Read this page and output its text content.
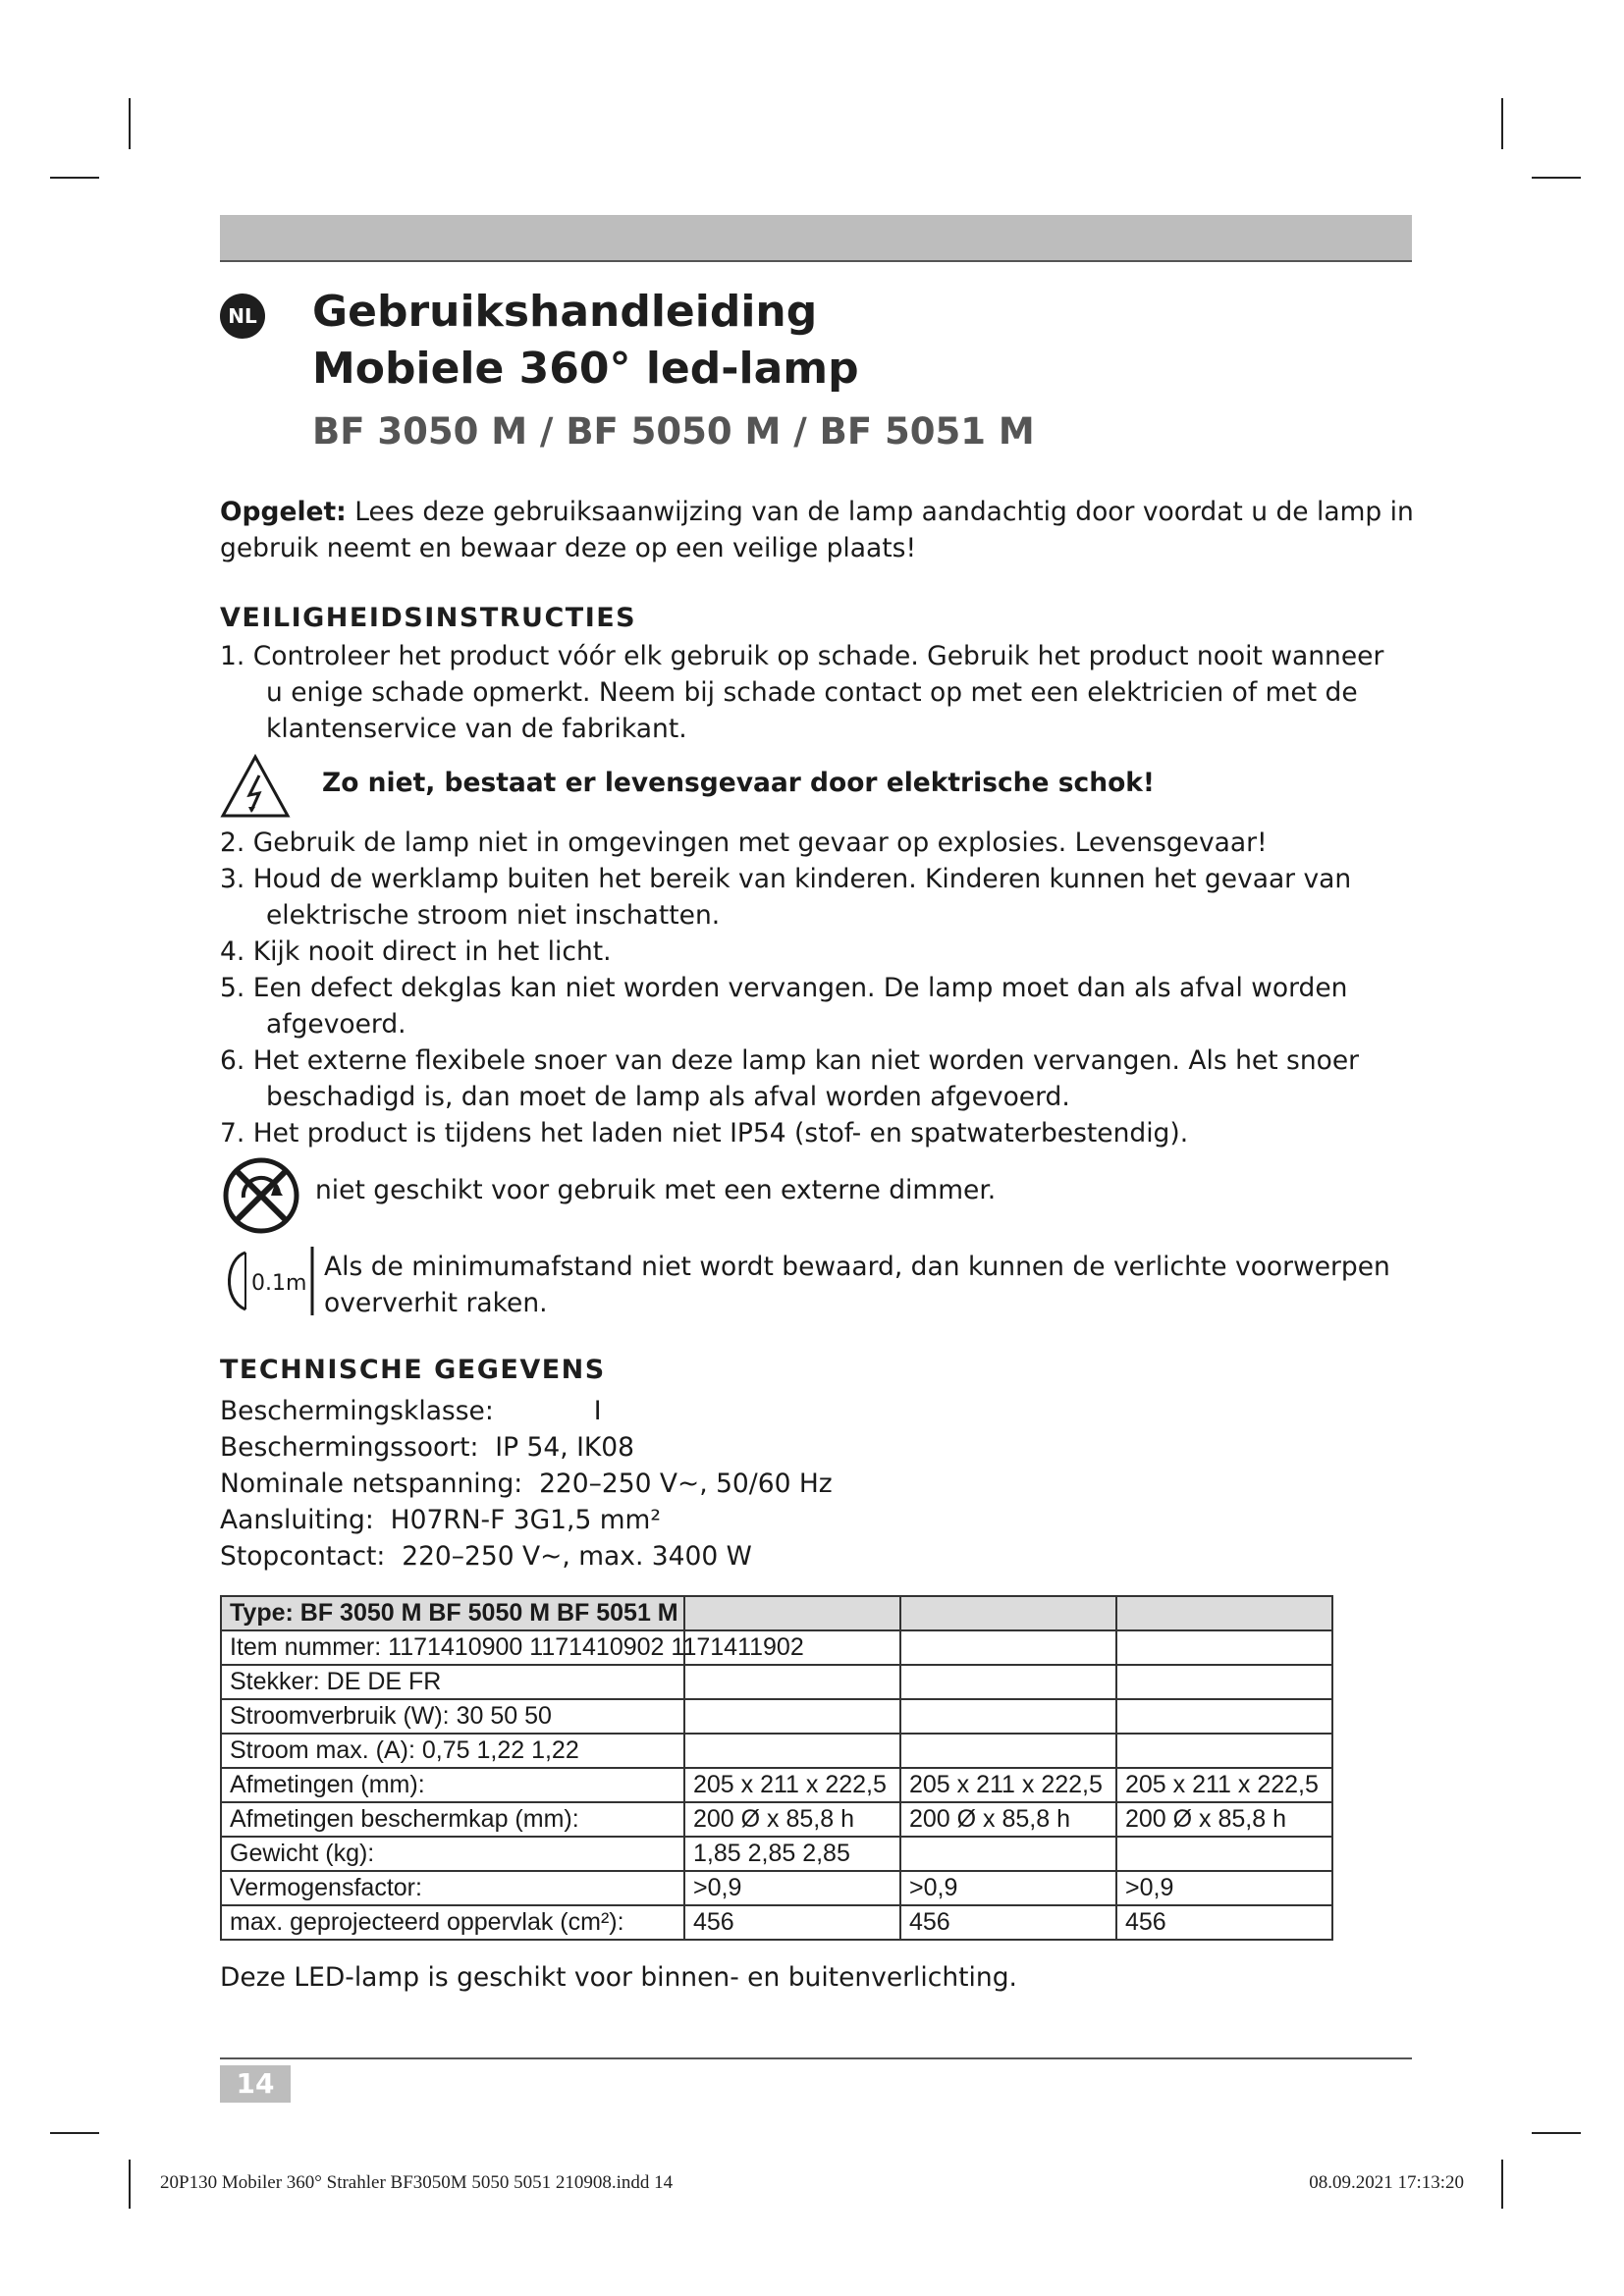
NL Gebruikshandleiding
Mobiele 360° led-lamp
BF 3050 M / BF 5050 M / BF 5051 M
Opgelet: Lees deze gebruiksaanwijzing van de lamp aandachtig door voordat u de lamp in
gebruik neemt en bewaar deze op een veilige plaats!
VEILIGHEIDSINSTRUCTIES
1. Controleer het product vóór elk gebruik op schade. Gebruik het product nooit wanneer
u enige schade opmerkt. Neem bij schade contact op met een elektricien of met de
klantenservice van de fabrikant.
Zo niet, bestaat er levensgevaar door elektrische schok!
2. Gebruik de lamp niet in omgevingen met gevaar op explosies. Levensgevaar!
3. Houd de werklamp buiten het bereik van kinderen. Kinderen kunnen het gevaar van
elektrische stroom niet inschatten.
4. Kijk nooit direct in het licht.
5. Een defect dekglas kan niet worden vervangen. De lamp moet dan als afval worden
afgevoerd.
6. Het externe flexibele snoer van deze lamp kan niet worden vervangen. Als het snoer
beschadigd is, dan moet de lamp als afval worden afgevoerd.
7. Het product is tijdens het laden niet IP54 (stof- en spatwaterbestendig).
niet geschikt voor gebruik met een externe dimmer.
0.1m
Als de minimumafstand niet wordt bewaard, dan kunnen de verlichte voorwerpen
oververhit raken.
TECHNISCHE GEGEVENS
Beschermingsklasse:	I
Beschermingssoort: IP 54, IK08
Nominale netspanning: 220–250 V~, 50/60 Hz
Aansluiting: H07RN-F 3G1,5 mm²
Stopcontact: 220–250 V~, max. 3400 W
Type: BF 3050 M BF 5050 M BF 5051 M			
Item nummer: 1171410900 1171410902 1171411902			
Stekker: DE DE FR			
Stroomverbruik (W): 30 50 50			
Stroom max. (A): 0,75 1,22 1,22			
Afmetingen (mm):	205 x 211 x 222,5	205 x 211 x 222,5	205 x 211 x 222,5
Afmetingen beschermkap (mm):	200 Ø x 85,8 h	200 Ø x 85,8 h	200 Ø x 85,8 h
Gewicht (kg):	1,85 2,85 2,85		
Vermogensfactor:	>0,9	>0,9	>0,9
max. geprojecteerd oppervlak (cm²):	456	456	456
Deze LED-lamp is geschikt voor binnen- en buitenverlichting.
14
20P130 Mobiler 360° Strahler BF3050M 5050 5051 210908.indd 14	08.09.2021 17:13:20
